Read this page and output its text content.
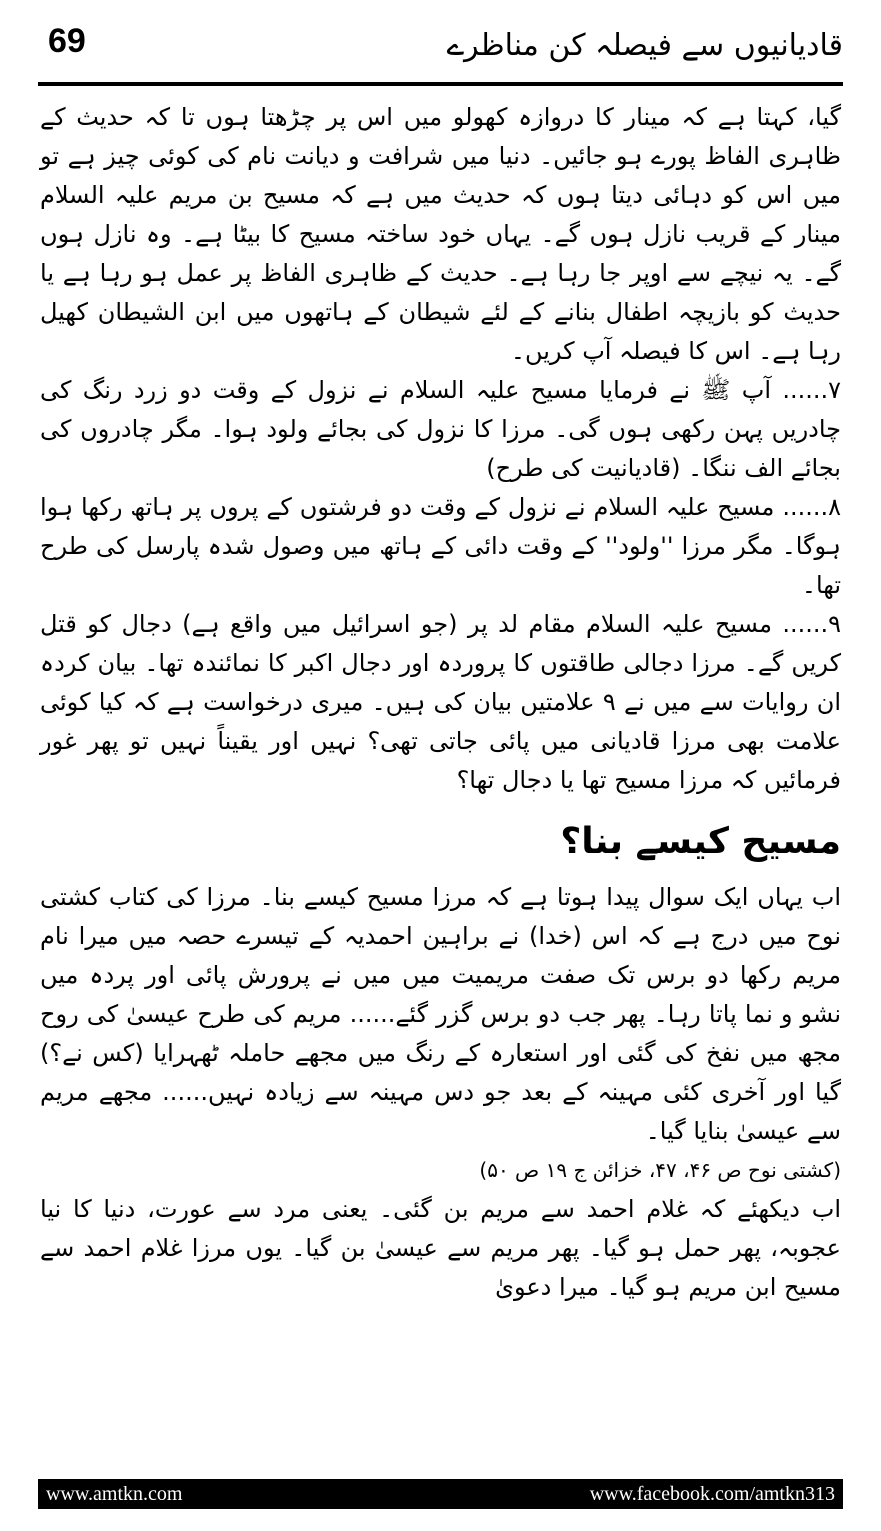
69	قادیانیوں سے فیصلہ کن مناظرے

گیا، کہتا ہے کہ مینار کا دروازہ کھولو میں اس پر چڑھتا ہوں تا کہ حدیث کے ظاہری الفاظ پورے ہو جائیں۔ دنیا میں شرافت و دیانت نام کی کوئی چیز ہے تو میں اس کو دہائی دیتا ہوں کہ حدیث میں ہے کہ مسیح بن مریم علیہ السلام مینار کے قریب نازل ہوں گے۔ یہاں خود ساختہ مسیح کا بیٹا ہے۔ وہ نازل ہوں گے۔ یہ نیچے سے اوپر جا رہا ہے۔ حدیث کے ظاہری الفاظ پر عمل ہو رہا ہے یا حدیث کو بازیچہ اطفال بنانے کے لئے شیطان کے ہاتھوں میں ابن الشیطان کھیل رہا ہے۔ اس کا فیصلہ آپ کریں۔

۷...... آپ ﷺ نے فرمایا مسیح علیہ السلام نے نزول کے وقت دو زرد رنگ کی چادریں پہن رکھی ہوں گی۔ مرزا کا نزول کی بجائے ولود ہوا۔ مگر چادروں کی بجائے الف ننگا۔ (قادیانیت کی طرح)

۸...... مسیح علیہ السلام نے نزول کے وقت دو فرشتوں کے پروں پر ہاتھ رکھا ہوا ہوگا۔ مگر مرزا ''ولود'' کے وقت دائی کے ہاتھ میں وصول شدہ پارسل کی طرح تھا۔

۹...... مسیح علیہ السلام مقام لد پر (جو اسرائیل میں واقع ہے) دجال کو قتل کریں گے۔ مرزا دجالی طاقتوں کا پروردہ اور دجال اکبر کا نمائندہ تھا۔ بیان کردہ ان روایات سے میں نے ۹ علامتیں بیان کی ہیں۔ میری درخواست ہے کہ کیا کوئی علامت بھی مرزا قادیانی میں پائی جاتی تھی؟ نہیں اور یقیناً نہیں تو پھر غور فرمائیں کہ مرزا مسیح تھا یا دجال تھا؟

مسیح کیسے بنا؟

اب یہاں ایک سوال پیدا ہوتا ہے کہ مرزا مسیح کیسے بنا۔ مرزا کی کتاب کشتی نوح میں درج ہے کہ اس (خدا) نے براہین احمدیہ کے تیسرے حصہ میں میرا نام مریم رکھا دو برس تک صفت مریمیت میں میں نے پرورش پائی اور پردہ میں نشو و نما پاتا رہا۔ پھر جب دو برس گزر گئے...... مریم کی طرح عیسیٰ کی روح مجھ میں نفخ کی گئی اور استعارہ کے رنگ میں مجھے حاملہ ٹھہرایا (کس نے؟) گیا اور آخری کئی مہینہ کے بعد جو دس مہینہ سے زیادہ نہیں...... مجھے مریم سے عیسیٰ بنایا گیا۔

(کشتی نوح ص ۴۶، ۴۷، خزائن ج ۱۹ ص ۵۰)

اب دیکھئے کہ غلام احمد سے مریم بن گئی۔ یعنی مرد سے عورت، دنیا کا نیا عجوبہ، پھر حمل ہو گیا۔ پھر مریم سے عیسیٰ بن گیا۔ یوں مرزا غلام احمد سے مسیح ابن مریم ہو گیا۔ میرا دعویٰ

www.amtkn.com	www.facebook.com/amtkn313
